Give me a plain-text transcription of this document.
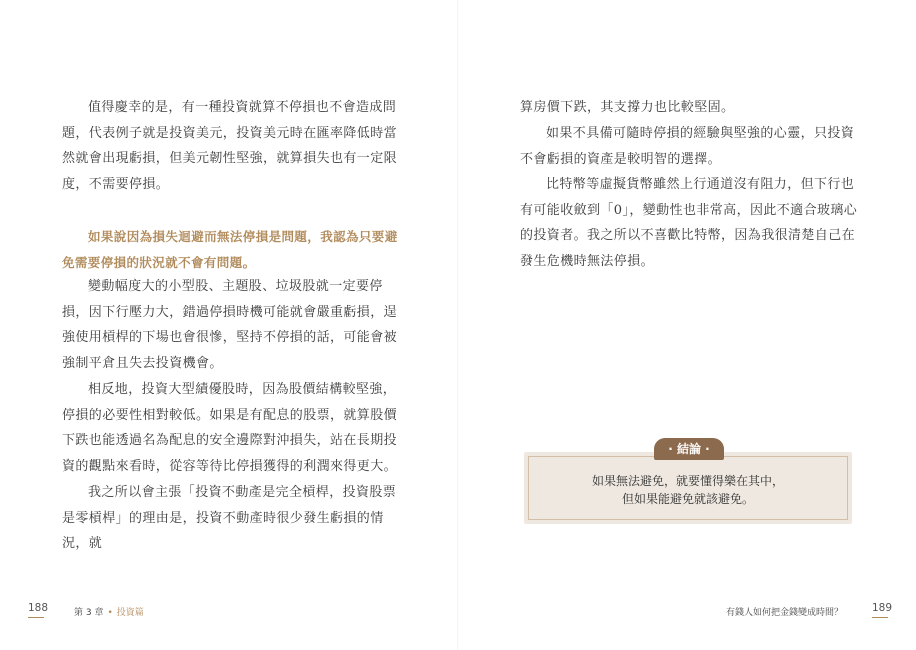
值得慶幸的是，有一種投資就算不停損也不會造成問題，代表例子就是投資美元，投資美元時在匯率降低時當然就會出現虧損，但美元韌性堅強，就算損失也有一定限度，不需要停損。

如果說因為損失迴避而無法停損是問題，我認為只要避免需要停損的狀況就不會有問題。

變動幅度大的小型股、主題股、垃圾股就一定要停損，因下行壓力大，錯過停損時機可能就會嚴重虧損，逞強使用槓桿的下場也會很慘，堅持不停損的話，可能會被強制平倉且失去投資機會。

相反地，投資大型績優股時，因為股價結構較堅強，停損的必要性相對較低。如果是有配息的股票，就算股價下跌也能透過名為配息的安全邊際對沖損失，站在長期投資的觀點來看時，從容等待比停損獲得的利潤來得更大。

我之所以會主張「投資不動產是完全槓桿，投資股票是零槓桿」的理由是，投資不動產時很少發生虧損的情況，就

188	第 3 章 • 投資篇

算房價下跌，其支撐力也比較堅固。

如果不具備可隨時停損的經驗與堅強的心靈，只投資不會虧損的資產是較明智的選擇。

比特幣等虛擬貨幣雖然上行通道沒有阻力，但下行也有可能收斂到「0」，變動性也非常高，因此不適合玻璃心的投資者。我之所以不喜歡比特幣，因為我很清楚自己在發生危機時無法停損。

· 結論 ·
如果無法避免，就要懂得樂在其中，
但如果能避免就該避免。
有錢人如何把金錢變成時間？	189
